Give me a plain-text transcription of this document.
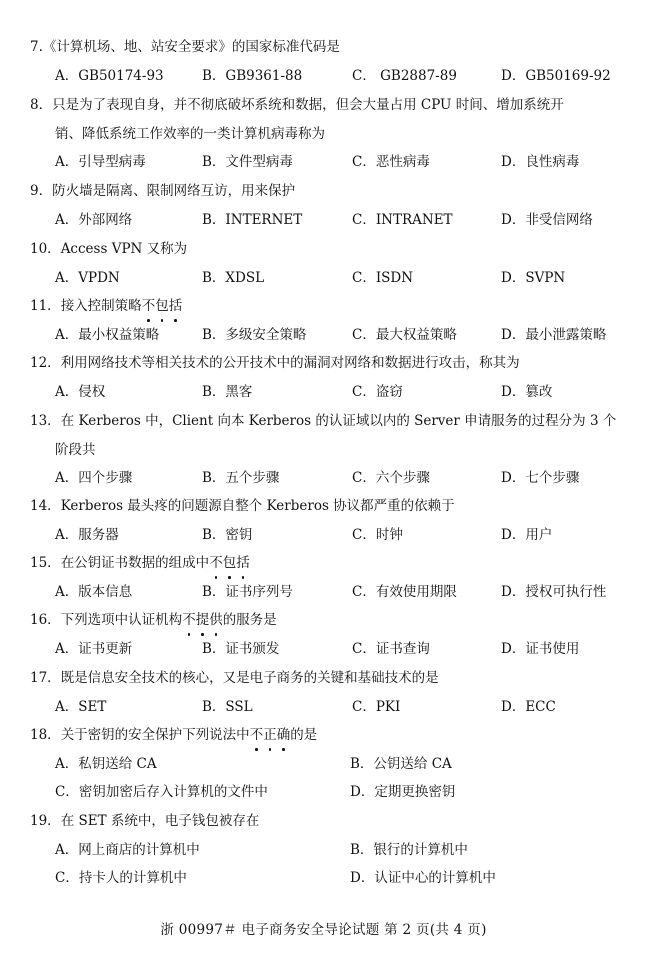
7.《计算机场、地、站安全要求》的国家标准代码是
A．GB50174-93	B．GB9361-88	C． GB2887-89	D．GB50169-92
8．只是为了表现自身，并不彻底破坏系统和数据，但会大量占用 CPU 时间、增加系统开
销、降低系统工作效率的一类计算机病毒称为
A．引导型病毒	B．文件型病毒	C．恶性病毒	D．良性病毒
9．防火墙是隔离、限制网络互访，用来保护
A．外部网络	B．INTERNET	C．INTRANET	D．非受信网络
10．Access VPN 又称为
A．VPDN	B．XDSL	C．ISDN	D．SVPN
11．接入控制策略不包括
A．最小权益策略	B．多级安全策略	C．最大权益策略	D．最小泄露策略
12．利用网络技术等相关技术的公开技术中的漏洞对网络和数据进行攻击，称其为
A．侵权	B．黑客	C．盗窃	D．篡改
13．在 Kerberos 中，Client 向本 Kerberos 的认证域以内的 Server 申请服务的过程分为 3 个
阶段共
A．四个步骤	B．五个步骤	C．六个步骤	D．七个步骤
14．Kerberos 最头疼的问题源自整个 Kerberos 协议都严重的依赖于
A．服务器	B．密钥	C．时钟	D．用户
15．在公钥证书数据的组成中不包括
A．版本信息	B．证书序列号	C．有效使用期限	D．授权可执行性
16．下列选项中认证机构不提供的服务是
A．证书更新	B．证书颁发	C．证书查询	D．证书使用
17．既是信息安全技术的核心，又是电子商务的关键和基础技术的是
A．SET	B．SSL	C．PKI	D．ECC
18．关于密钥的安全保护下列说法中不正确的是
A．私钥送给 CA	B．公钥送给 CA
C．密钥加密后存入计算机的文件中	D．定期更换密钥
19．在 SET 系统中，电子钱包被存在
A．网上商店的计算机中	B．银行的计算机中
C．持卡人的计算机中	D．认证中心的计算机中
浙 00997＃ 电子商务安全导论试题 第 2 页(共 4 页)
